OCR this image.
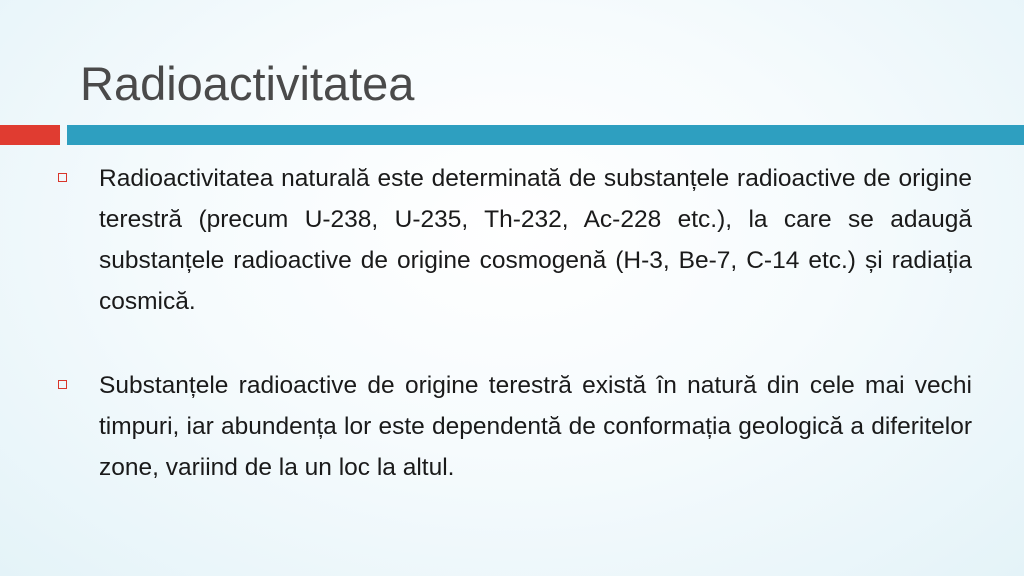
Radioactivitatea
Radioactivitatea naturală este determinată de substanțele radioactive de origine terestră (precum U-238, U-235, Th-232, Ac-228 etc.), la care se adaugă substanțele radioactive de origine cosmogenă (H-3, Be-7, C-14 etc.) și radiația cosmică.
Substanțele radioactive de origine terestră există în natură din cele mai vechi timpuri, iar abundența lor este dependentă de conformația geologică a diferitelor zone, variind de la un loc la altul.
